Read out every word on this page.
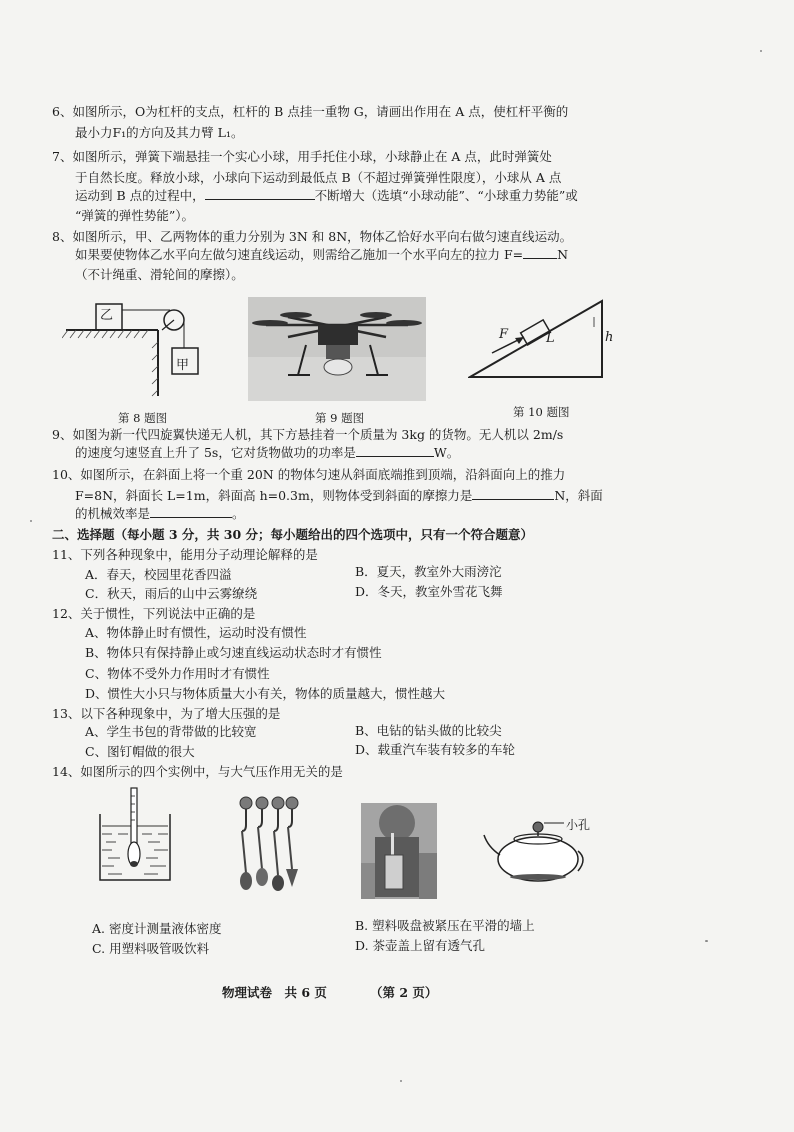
6、如图所示，O为杠杆的支点，杠杆的 B 点挂一重物 G，请画出作用在 A 点，使杠杆平衡的
最小力F₁的方向及其力臂 L₁。
7、如图所示，弹簧下端悬挂一个实心小球，用手托住小球，小球静止在 A 点，此时弹簧处
于自然长度。释放小球，小球向下运动到最低点 B（不超过弹簧弹性限度），小球从 A 点
运动到 B 点的过程中，	不断增大（选填“小球动能”、“小球重力势能”或
“弹簧的弹性势能”）。
8、如图所示，甲、乙两物体的重力分别为 3N 和 8N，物体乙恰好水平向右做匀速直线运动。
如果要使物体乙水平向左做匀速直线运动，则需给乙施加一个水平向左的拉力 F=	N
（不计绳重、滑轮间的摩擦）。
乙
甲
第 8 题图	第 9 题图
F	L	h
第 10 题图
9、如图为新一代四旋翼快递无人机，其下方悬挂着一个质量为 3kg 的货物。无人机以 2m/s
的速度匀速竖直上升了 5s，它对货物做功的功率是	W。
10、如图所示，在斜面上将一个重 20N 的物体匀速从斜面底端推到顶端，沿斜面向上的推力
F=8N，斜面长 L=1m，斜面高 h=0.3m，则物体受到斜面的摩擦力是	N，斜面
的机械效率是	。
二、选择题（每小题 3 分，共 30 分；每小题给出的四个选项中，只有一个符合题意）
11、下列各种现象中，能用分子动理论解释的是
A．春天，校园里花香四溢	B．夏天，教室外大雨滂沱
C．秋天，雨后的山中云雾缭绕	D．冬天，教室外雪花飞舞
12、关于惯性，下列说法中正确的是
A、物体静止时有惯性，运动时没有惯性
B、物体只有保持静止或匀速直线运动状态时才有惯性
C、物体不受外力作用时才有惯性
D、惯性大小只与物体质量大小有关，物体的质量越大，惯性越大
13、以下各种现象中，为了增大压强的是
A、学生书包的背带做的比较宽	B、电钻的钻头做的比较尖
C、图钉帽做的很大	D、载重汽车装有较多的车轮
14、如图所示的四个实例中，与大气压作用无关的是
小孔
A. 密度计测量液体密度	B. 塑料吸盘被紧压在平滑的墙上
C. 用塑料吸管吸饮料	D. 茶壶盖上留有透气孔
物理试卷　共 6 页	（第 2 页）
